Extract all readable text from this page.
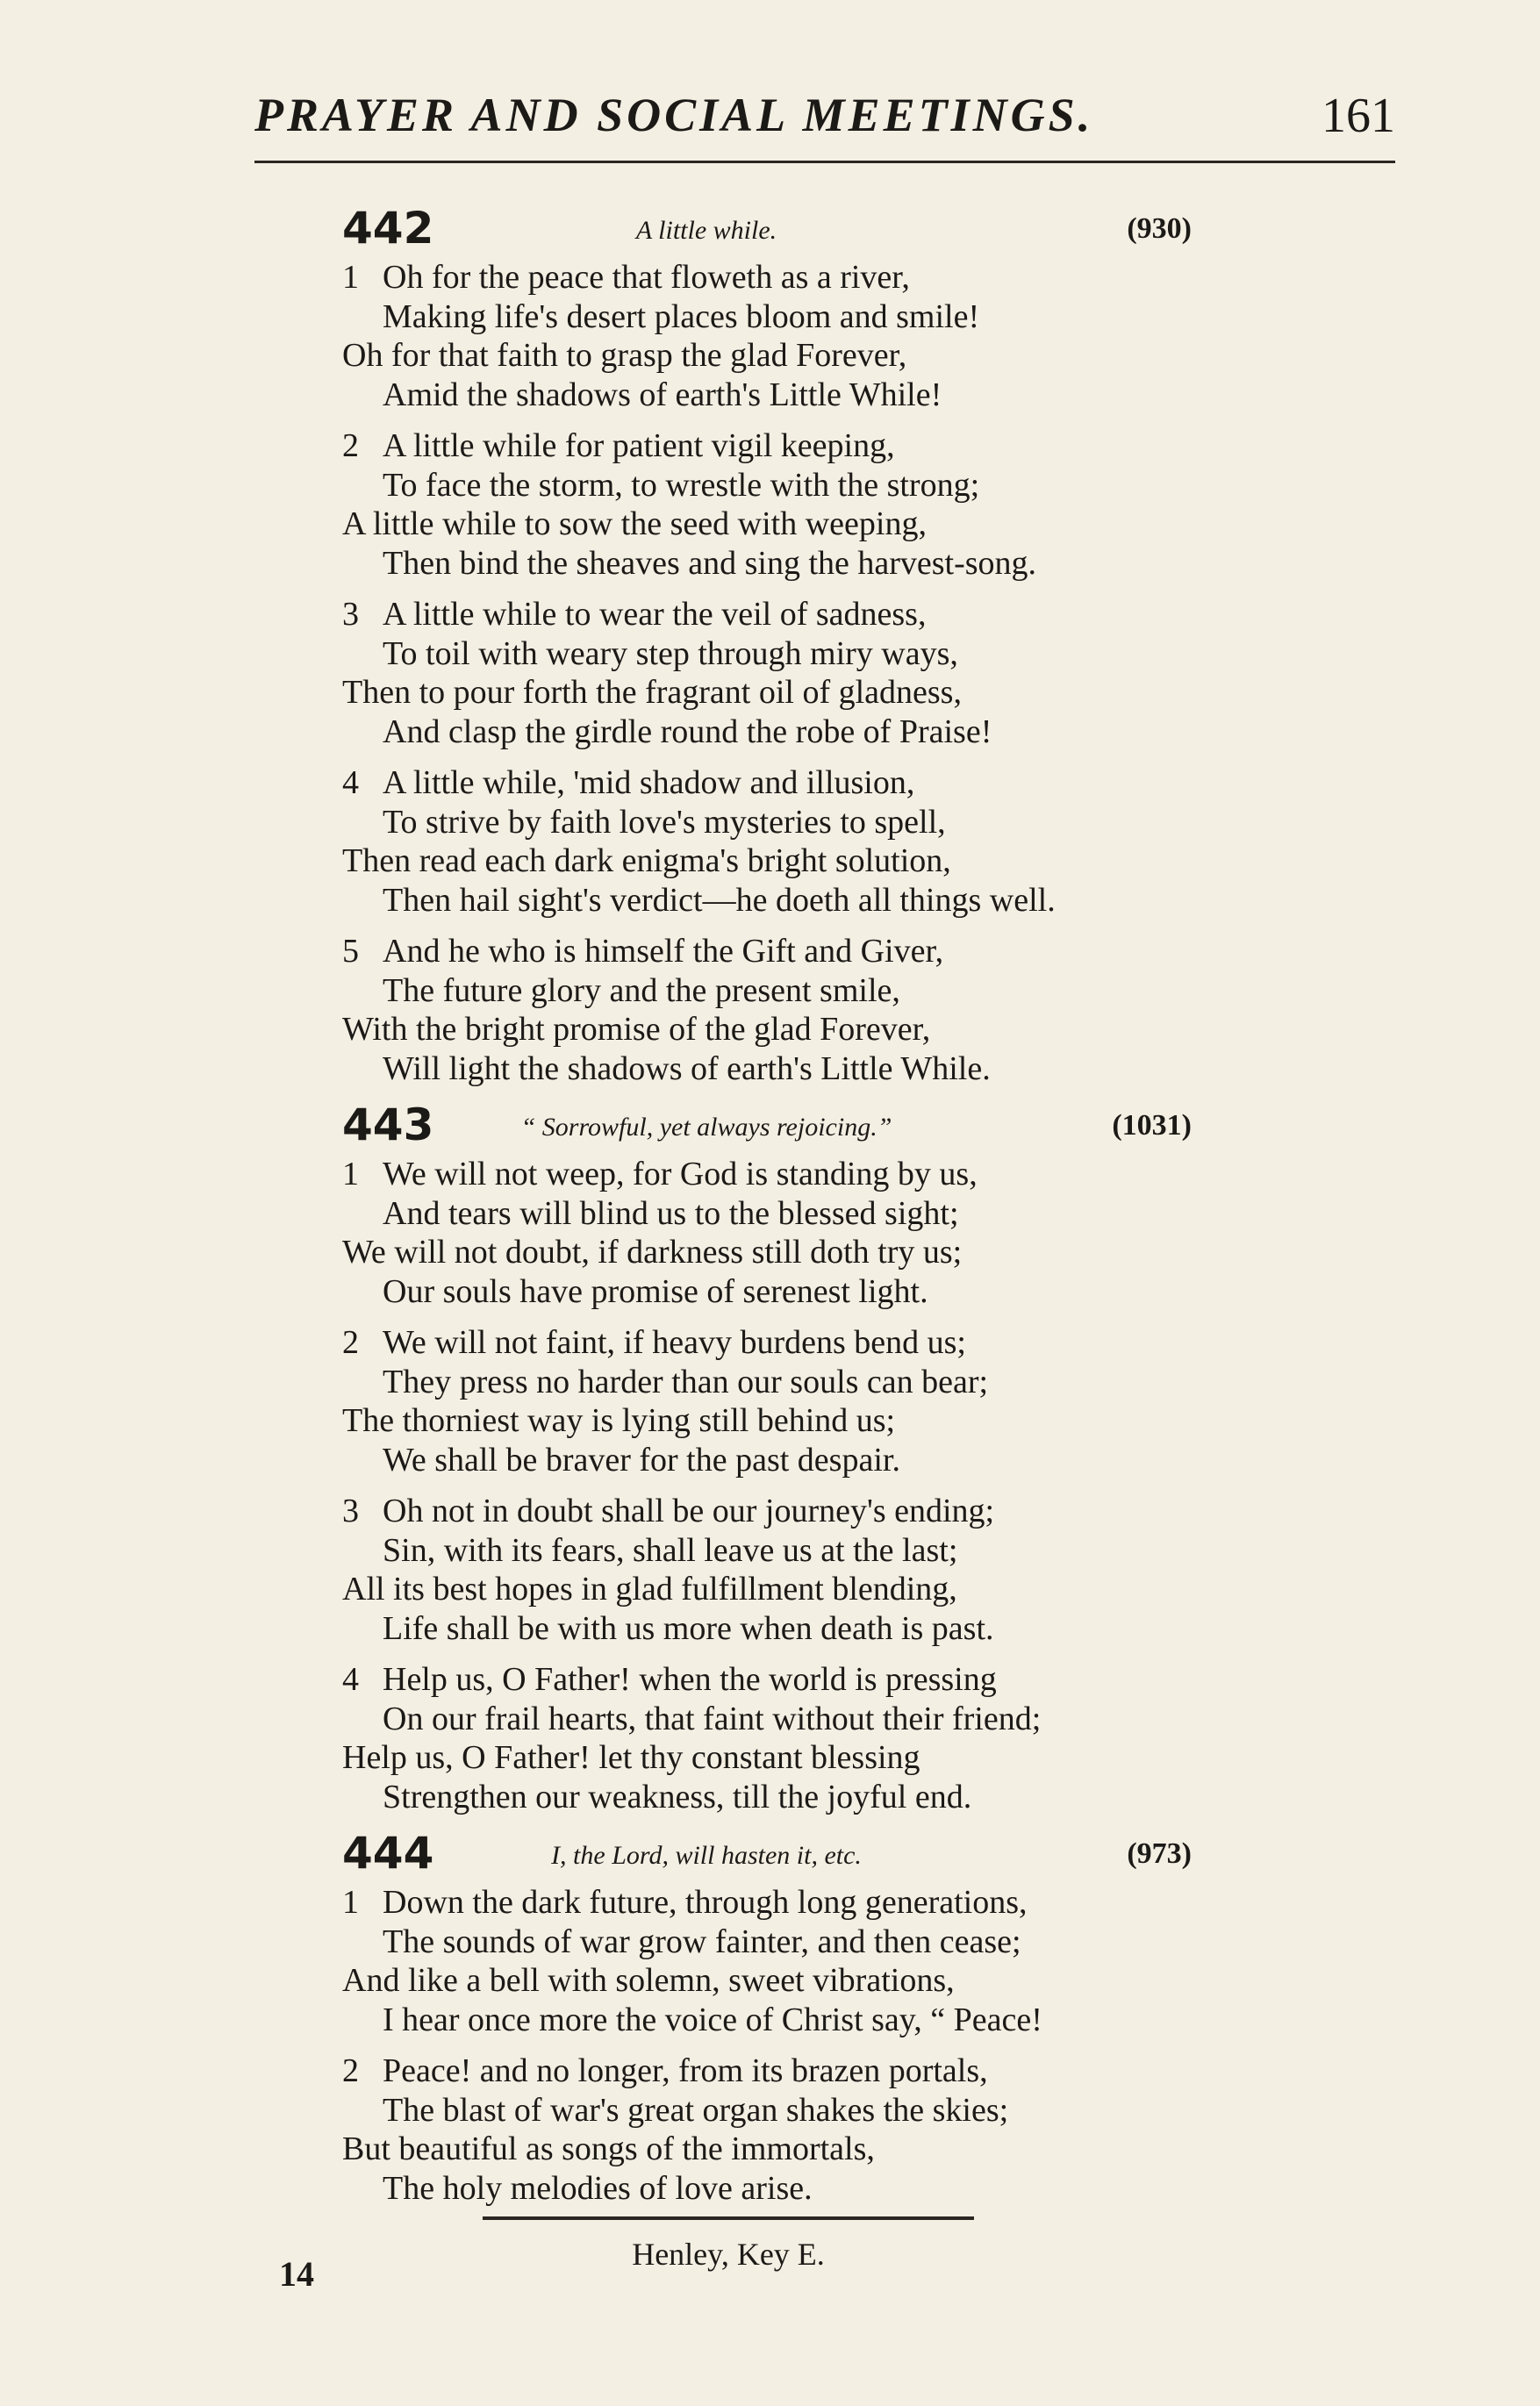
PRAYER AND SOCIAL MEETINGS.	161
442	A little while.	(930)
1 Oh for the peace that floweth as a river,
Making life's desert places bloom and smile!
Oh for that faith to grasp the glad Forever,
Amid the shadows of earth's Little While!
2 A little while for patient vigil keeping,
To face the storm, to wrestle with the strong;
A little while to sow the seed with weeping,
Then bind the sheaves and sing the harvest-song.
3 A little while to wear the veil of sadness,
To toil with weary step through miry ways,
Then to pour forth the fragrant oil of gladness,
And clasp the girdle round the robe of Praise!
4 A little while, 'mid shadow and illusion,
To strive by faith love's mysteries to spell,
Then read each dark enigma's bright solution,
Then hail sight's verdict—he doeth all things well.
5 And he who is himself the Gift and Giver,
The future glory and the present smile,
With the bright promise of the glad Forever,
Will light the shadows of earth's Little While.
443	“ Sorrowful, yet always rejoicing.”	(1031)
1 We will not weep, for God is standing by us,
And tears will blind us to the blessed sight;
We will not doubt, if darkness still doth try us;
Our souls have promise of serenest light.
2 We will not faint, if heavy burdens bend us;
They press no harder than our souls can bear;
The thorniest way is lying still behind us;
We shall be braver for the past despair.
3 Oh not in doubt shall be our journey's ending;
Sin, with its fears, shall leave us at the last;
All its best hopes in glad fulfillment blending,
Life shall be with us more when death is past.
4 Help us, O Father! when the world is pressing
On our frail hearts, that faint without their friend;
Help us, O Father! let thy constant blessing
Strengthen our weakness, till the joyful end.
444	I, the Lord, will hasten it, etc.	(973)
1 Down the dark future, through long generations,
The sounds of war grow fainter, and then cease;
And like a bell with solemn, sweet vibrations,
I hear once more the voice of Christ say, “ Peace!
2 Peace! and no longer, from its brazen portals,
The blast of war's great organ shakes the skies;
But beautiful as songs of the immortals,
The holy melodies of love arise.
Henley, Key E.
14
